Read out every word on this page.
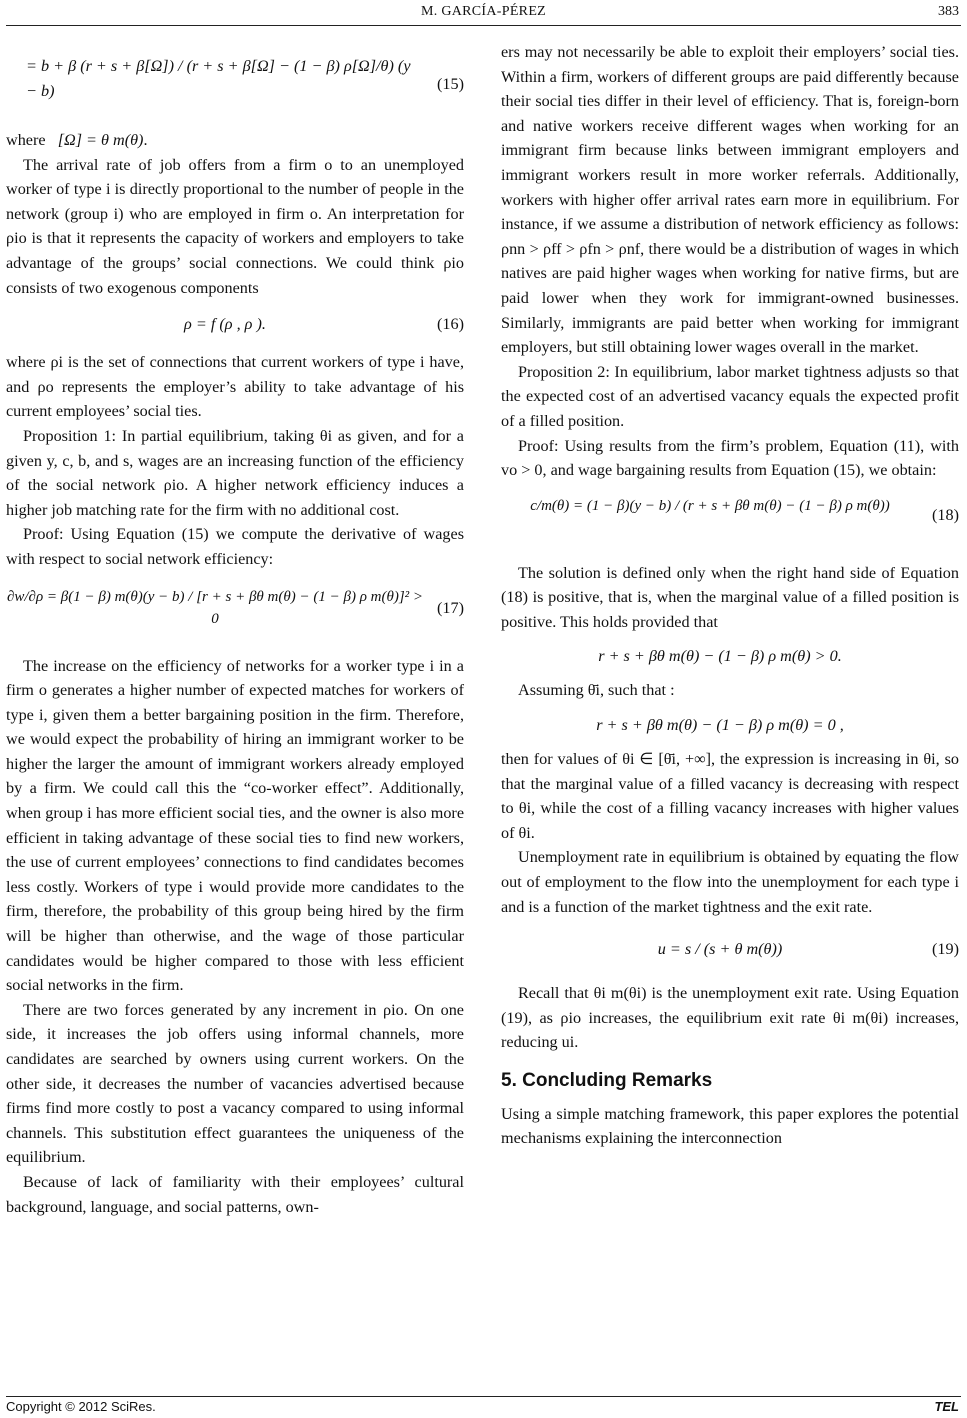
M. GARCÍA-PÉREZ	383
= b + β (r + s + β[Ω]) / (r + s + β[Ω] − (1 − β) ρ[Ω]/θ) (y − b)	(15)

where [Ω] = θ m(θ).

The arrival rate of job offers from a firm o to an unemployed worker of type i is directly proportional to the number of people in the network (group i) who are employed in firm o. An interpretation for ρio is that it represents the capacity of workers and employers to take advantage of the groups’ social connections. We could think ρio consists of two exogenous components

ρ = f (ρ , ρ ).	(16)

where ρi is the set of connections that current workers of type i have, and ρo represents the employer’s ability to take advantage of his current employees’ social ties.

Proposition 1: In partial equilibrium, taking θi as given, and for a given y, c, b, and s, wages are an increasing function of the efficiency of the social network ρio. A higher network efficiency induces a higher job matching rate for the firm with no additional cost.

Proof: Using Equation (15) we compute the derivative of wages with respect to social network efficiency:

∂w/∂ρ = β(1 − β) m(θ)(y − b) / [r + s + βθ m(θ) − (1 − β) ρ m(θ)]² > 0
(17)

The increase on the efficiency of networks for a worker type i in a firm o generates a higher number of expected matches for workers of type i, given them a better bargaining position in the firm. Therefore, we would expect the probability of hiring an immigrant worker to be higher the larger the amount of immigrant workers already employed by a firm. We could call this the “co-worker effect”. Additionally, when group i has more efficient social ties, and the owner is also more efficient in taking advantage of these social ties to find new workers, the use of current employees’ connections to find candidates becomes less costly. Workers of type i would provide more candidates to the firm, therefore, the probability of this group being hired by the firm will be higher than otherwise, and the wage of those particular candidates would be higher compared to those with less efficient social networks in the firm.

There are two forces generated by any increment in ρio. On one side, it increases the job offers using informal channels, more candidates are searched by owners using current workers. On the other side, it decreases the number of vacancies advertised because firms find more costly to post a vacancy compared to using informal channels. This substitution effect guarantees the uniqueness of the equilibrium.

Because of lack of familiarity with their employees’ cultural background, language, and social patterns, own-

ers may not necessarily be able to exploit their employers’ social ties. Within a firm, workers of different groups are paid differently because their social ties differ in their level of efficiency. That is, foreign-born and native workers receive different wages when working for an immigrant firm because links between immigrant employers and immigrant workers result in more worker referrals. Additionally, workers with higher offer arrival rates earn more in equilibrium. For instance, if we assume a distribution of network efficiency as follows: ρnn > ρff > ρfn > ρnf, there would be a distribution of wages in which natives are paid higher wages when working for native firms, but are paid lower when they work for immigrant-owned businesses. Similarly, immigrants are paid better when working for immigrant employers, but still obtaining lower wages overall in the market.

Proposition 2: In equilibrium, labor market tightness adjusts so that the expected cost of an advertised vacancy equals the expected profit of a filled position.

Proof: Using results from the firm’s problem, Equation (11), with vo > 0, and wage bargaining results from Equation (15), we obtain:

c/m(θ) = (1 − β)(y − b) / (r + s + βθ m(θ) − (1 − β) ρ m(θ))	(18)

The solution is defined only when the right hand side of Equation (18) is positive, that is, when the marginal value of a filled position is positive. This holds provided that

r + s + βθ m(θ) − (1 − β) ρ m(θ) > 0.

Assuming θ̄i, such that :

r + s + βθ m(θ) − (1 − β) ρ m(θ) = 0 ,

then for values of θi ∈ [θ̄i, +∞], the expression is increasing in θi, so that the marginal value of a filled vacancy is decreasing with respect to θi, while the cost of a filling vacancy increases with higher values of θi.

Unemployment rate in equilibrium is obtained by equating the flow out of employment to the flow into the unemployment for each type i and is a function of the market tightness and the exit rate.

u = s / (s + θ m(θ))	(19)

Recall that θi m(θi) is the unemployment exit rate. Using Equation (19), as ρio increases, the equilibrium exit rate θi m(θi) increases, reducing ui.

5. Concluding Remarks

Using a simple matching framework, this paper explores the potential mechanisms explaining the interconnection

Copyright © 2012 SciRes.	TEL
